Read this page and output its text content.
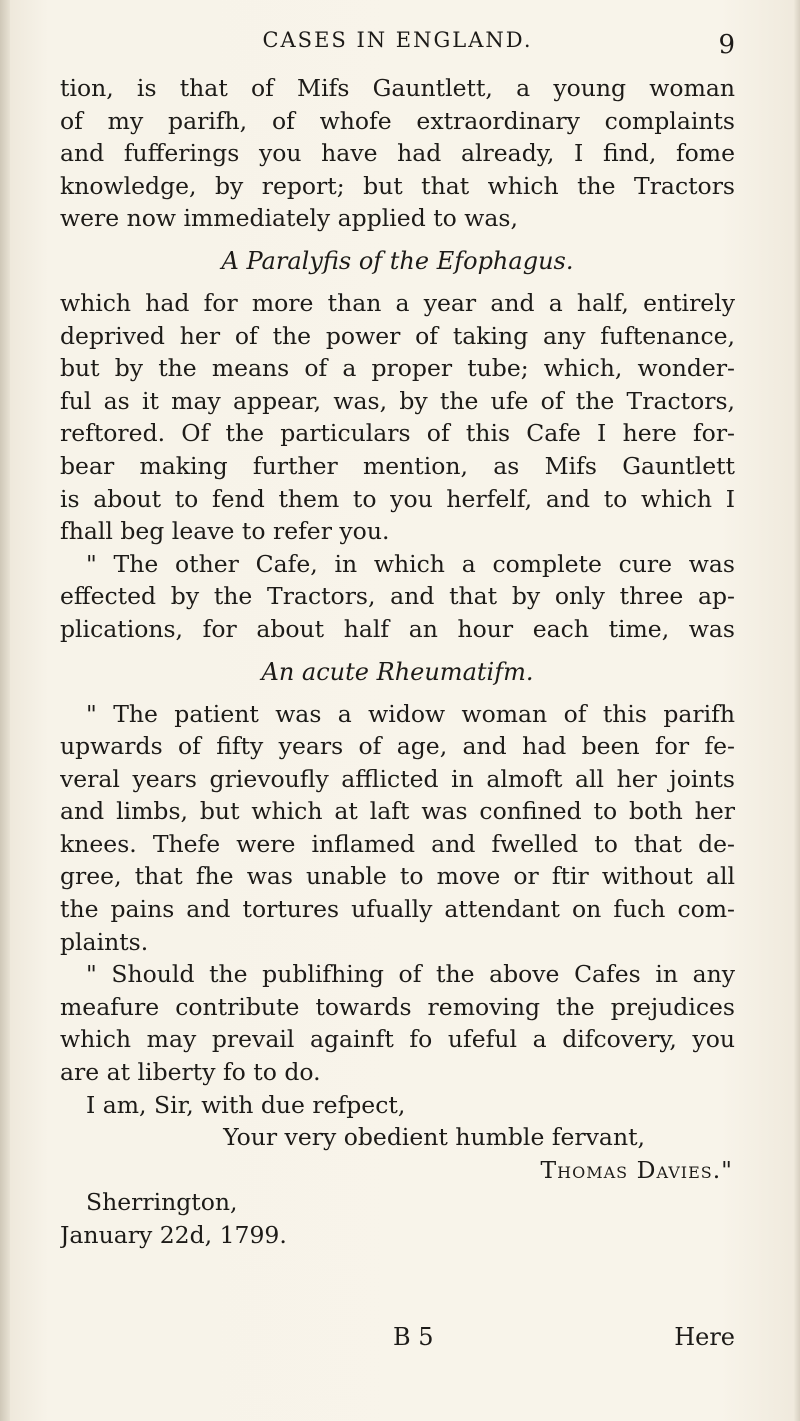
CASES IN ENGLAND.	9
tion, is that of Mifs Gauntlett, a young woman
of my parifh, of whofe extraordinary complaints
and fufferings you have had already, I find, fome
knowledge, by report; but that which the Tractors
were now immediately applied to was,
A Paralyfis of the Efophagus.
which had for more than a year and a half, entirely
deprived her of the power of taking any fuftenance,
but by the means of a proper tube; which, wonder-
ful as it may appear, was, by the ufe of the Tractors,
reftored. Of the particulars of this Cafe I here for-
bear making further mention, as Mifs Gauntlett
is about to fend them to you herfelf, and to which I
fhall beg leave to refer you.
" The other Cafe, in which a complete cure was
effected by the Tractors, and that by only three ap-
plications, for about half an hour each time, was
An acute Rheumatifm.
" The patient was a widow woman of this parifh
upwards of fifty years of age, and had been for fe-
veral years grievoufly afflicted in almoft all her joints
and limbs, but which at laft was confined to both her
knees. Thefe were inflamed and fwelled to that de-
gree, that fhe was unable to move or ftir without all
the pains and tortures ufually attendant on fuch com-
plaints.
" Should the publifhing of the above Cafes in any
meafure contribute towards removing the prejudices
which may prevail againft fo ufeful a difcovery, you
are at liberty fo to do.
I am, Sir, with due refpect,
Your very obedient humble fervant,
Thomas Davies."
Sherrington,
January 22d, 1799.
B 5	Here
